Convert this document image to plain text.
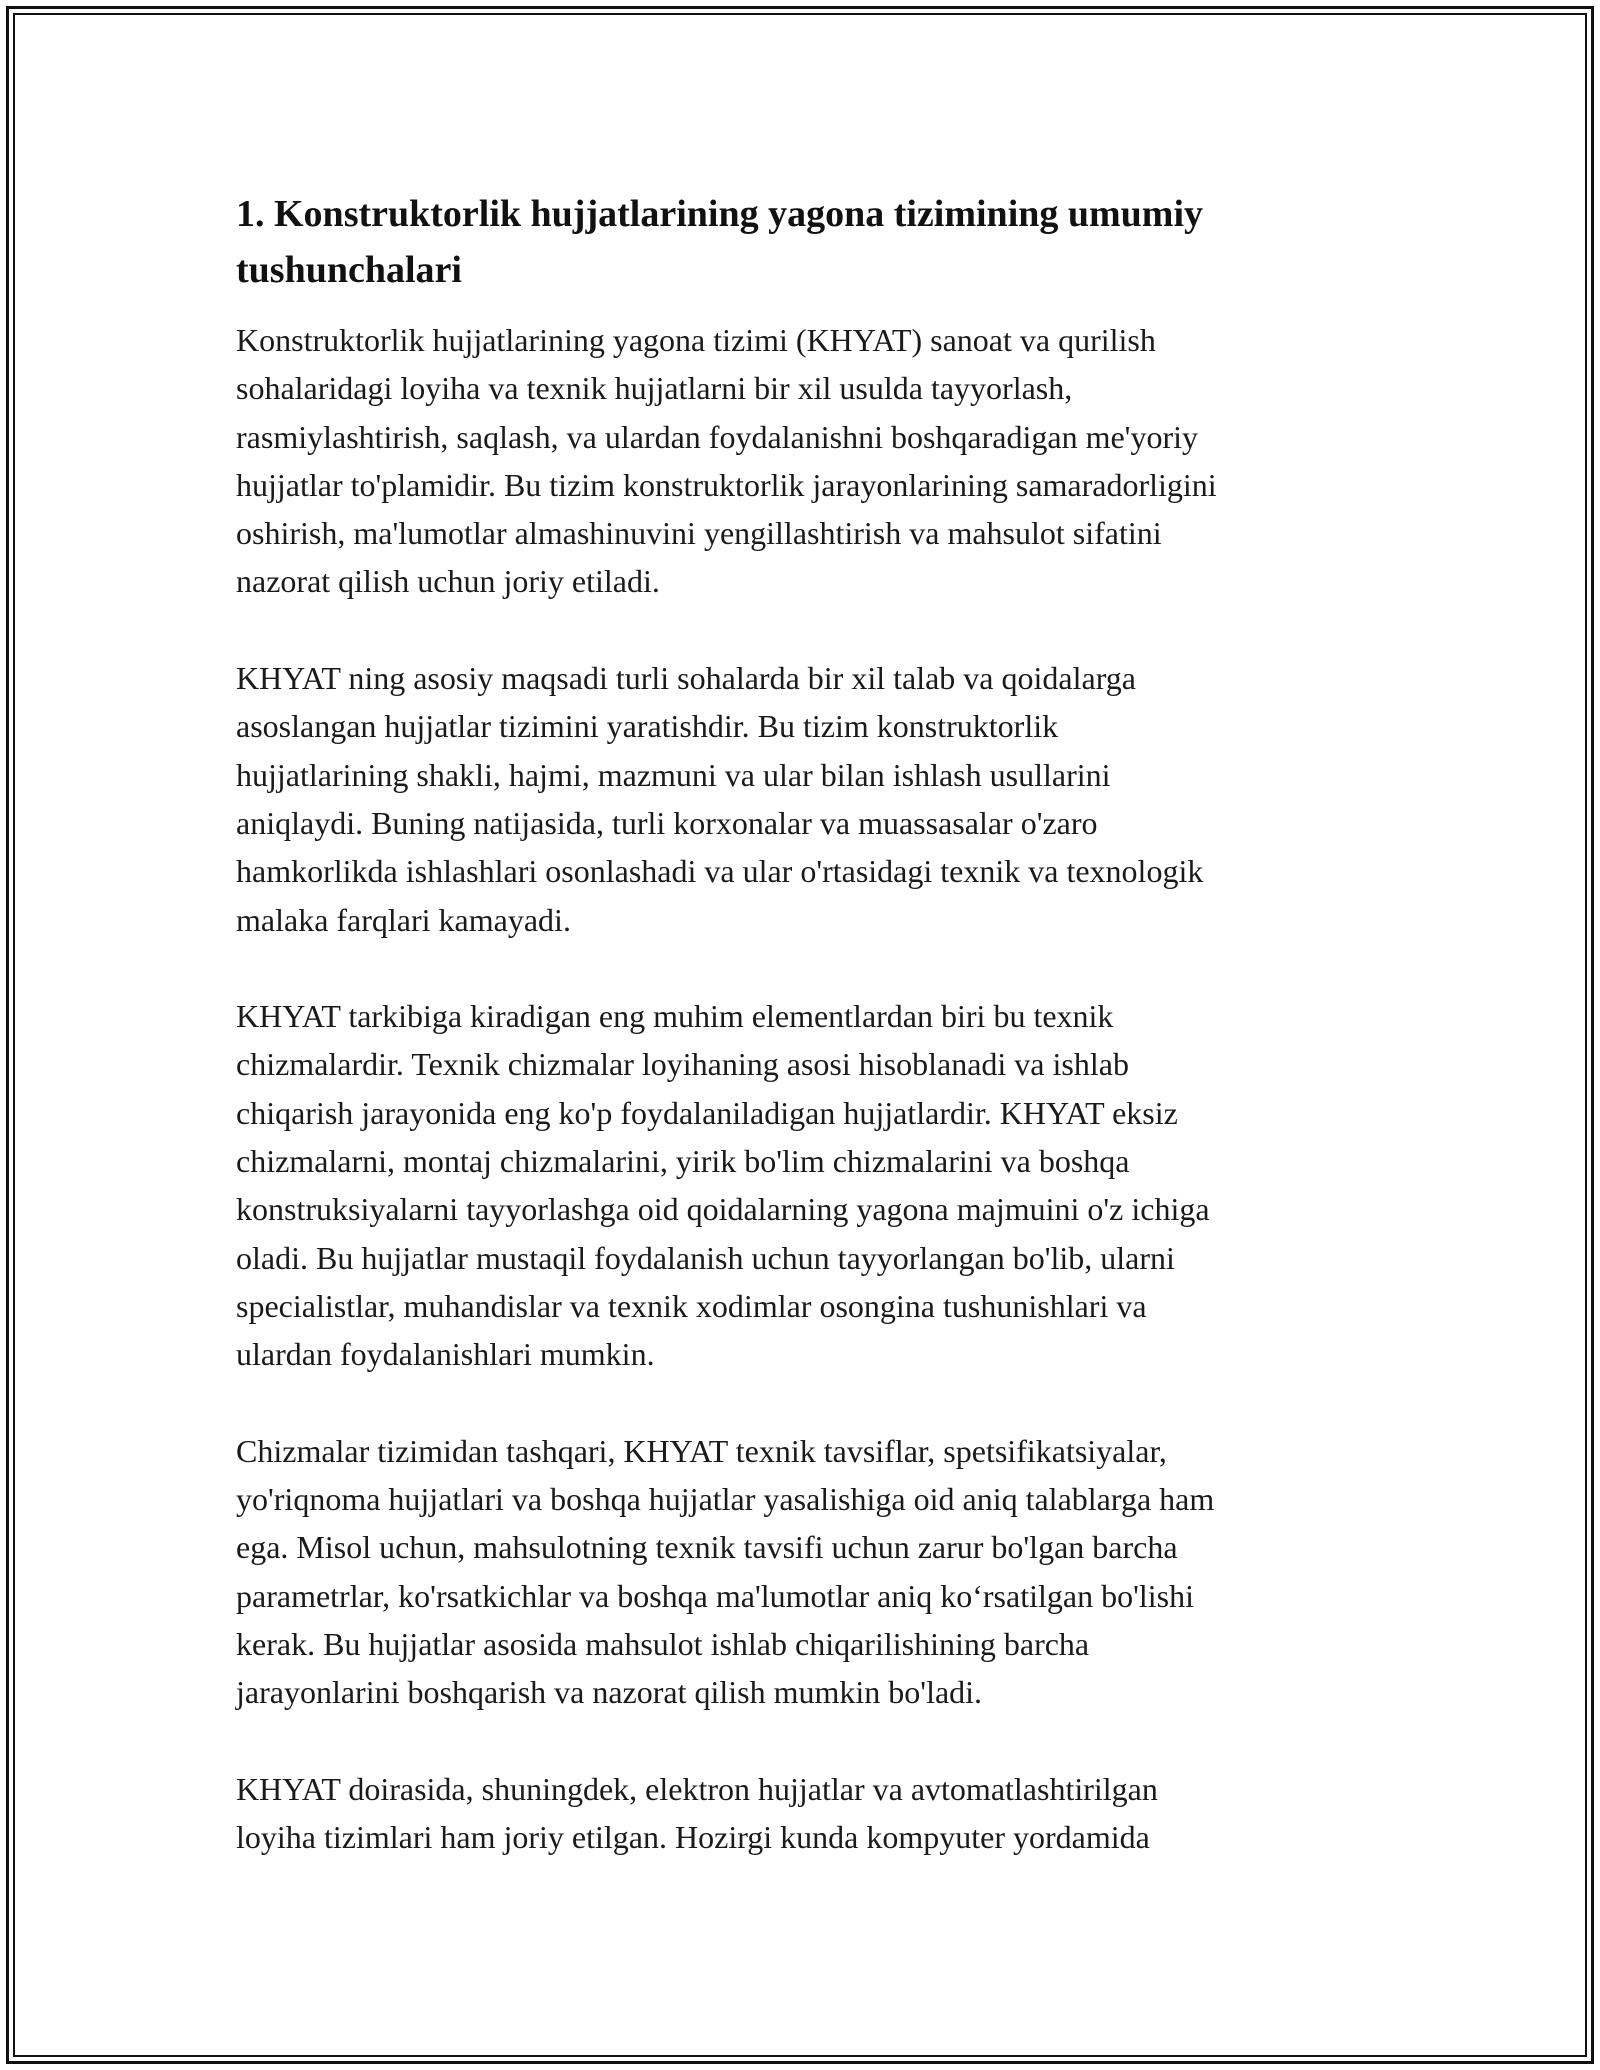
1. Konstruktorlik hujjatlarining yagona tizimining umumiy
tushunchalari

Konstruktorlik hujjatlarining yagona tizimi (KHYAT) sanoat va qurilish
sohalaridagi loyiha va texnik hujjatlarni bir xil usulda tayyorlash,
rasmiylashtirish, saqlash, va ulardan foydalanishni boshqaradigan me'yoriy
hujjatlar to'plamidir. Bu tizim konstruktorlik jarayonlarining samaradorligini
oshirish, ma'lumotlar almashinuvini yengillashtirish va mahsulot sifatini
nazorat qilish uchun joriy etiladi.

KHYAT ning asosiy maqsadi turli sohalarda bir xil talab va qoidalarga
asoslangan hujjatlar tizimini yaratishdir. Bu tizim konstruktorlik
hujjatlarining shakli, hajmi, mazmuni va ular bilan ishlash usullarini
aniqlaydi. Buning natijasida, turli korxonalar va muassasalar o'zaro
hamkorlikda ishlashlari osonlashadi va ular o'rtasidagi texnik va texnologik
malaka farqlari kamayadi.

KHYAT tarkibiga kiradigan eng muhim elementlardan biri bu texnik
chizmalardir. Texnik chizmalar loyihaning asosi hisoblanadi va ishlab
chiqarish jarayonida eng ko'p foydalaniladigan hujjatlardir. KHYAT eksiz
chizmalarni, montaj chizmalarini, yirik bo'lim chizmalarini va boshqa
konstruksiyalarni tayyorlashga oid qoidalarning yagona majmuini o'z ichiga
oladi. Bu hujjatlar mustaqil foydalanish uchun tayyorlangan bo'lib, ularni
specialistlar, muhandislar va texnik xodimlar osongina tushunishlari va
ulardan foydalanishlari mumkin.

Chizmalar tizimidan tashqari, KHYAT texnik tavsiflar, spetsifikatsiyalar,
yo'riqnoma hujjatlari va boshqa hujjatlar yasalishiga oid aniq talablarga ham
ega. Misol uchun, mahsulotning texnik tavsifi uchun zarur bo'lgan barcha
parametrlar, ko'rsatkichlar va boshqa ma'lumotlar aniq ko‘rsatilgan bo'lishi
kerak. Bu hujjatlar asosida mahsulot ishlab chiqarilishining barcha
jarayonlarini boshqarish va nazorat qilish mumkin bo'ladi.

KHYAT doirasida, shuningdek, elektron hujjatlar va avtomatlashtirilgan
loyiha tizimlari ham joriy etilgan. Hozirgi kunda kompyuter yordamida
